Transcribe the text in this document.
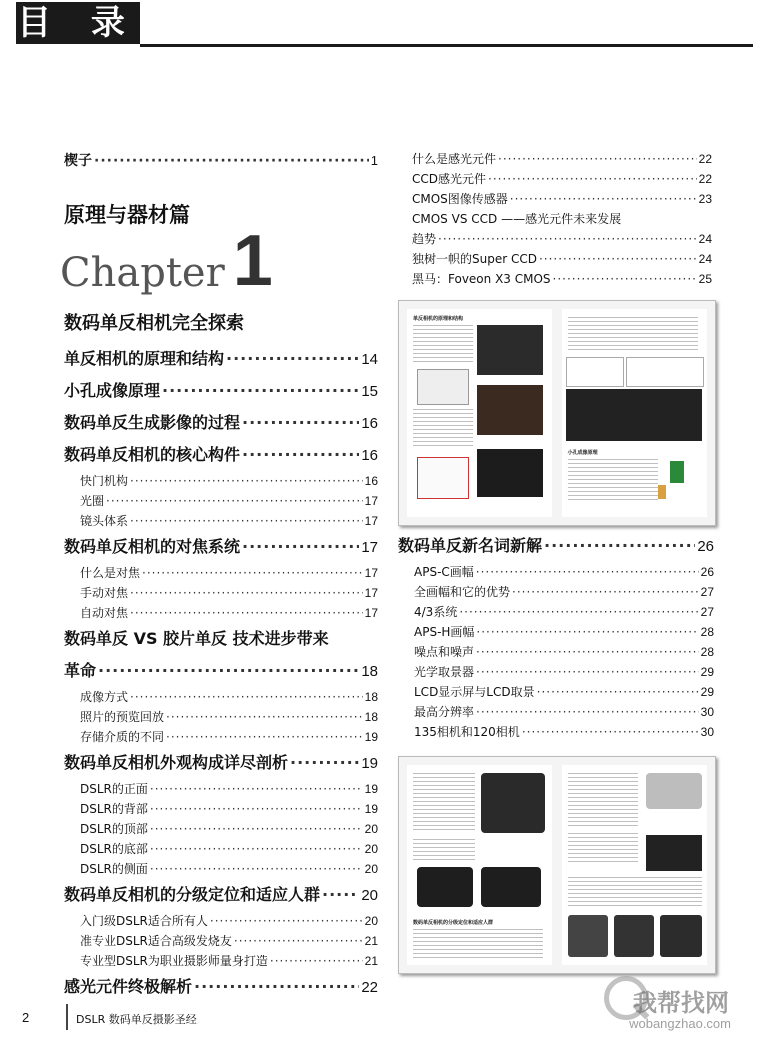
目 录
楔子 ·····	1
原理与器材篇
Chapter 1
数码单反相机完全探索
单反相机的原理和结构 ·····	14
小孔成像原理 ·····	15
数码单反生成影像的过程 ·····	16
数码单反相机的核心构件 ·····	16
快门机构 ·····	16
光圈 ·····	17
镜头体系 ·····	17
数码单反相机的对焦系统 ·····	17
什么是对焦 ·····	17
手动对焦 ·····	17
自动对焦 ·····	17
数码单反 VS 胶片单反 技术进步带来
革命 ·····	18
成像方式 ·····	18
照片的预览回放 ·····	18
存储介质的不同 ·····	19
数码单反相机外观构成详尽剖析 ·····	19
DSLR的正面 ·····	19
DSLR的背部 ·····	19
DSLR的顶部 ·····	20
DSLR的底部 ·····	20
DSLR的侧面 ·····	20
数码单反相机的分级定位和适应人群 ·····	20
入门级DSLR适合所有人 ·····	20
准专业DSLR适合高级发烧友 ·····	21
专业型DSLR为职业摄影师量身打造 ·····	21
感光元件终极解析 ·····	22
什么是感光元件 ·····	22
CCD感光元件 ·····	22
CMOS图像传感器 ·····	23
CMOS VS CCD ——感光元件未来发展
趋势 ·····	24
独树一帜的Super CCD ·····	24
黑马：Foveon X3 CMOS ·····	25
单反相机的原理和结构
小孔成像原理
数码单反新名词新解 ·····	26
APS-C画幅 ·····	26
全画幅和它的优势 ·····	27
4/3系统 ·····	27
APS-H画幅 ·····	28
噪点和噪声 ·····	28
光学取景器 ·····	29
LCD显示屏与LCD取景 ·····	29
最高分辨率 ·····	30
135相机和120相机 ·····	30
数码单反相机的分级定位和适应人群
2	DSLR 数码单反摄影圣经
我帮找网
wobangzhao.com
